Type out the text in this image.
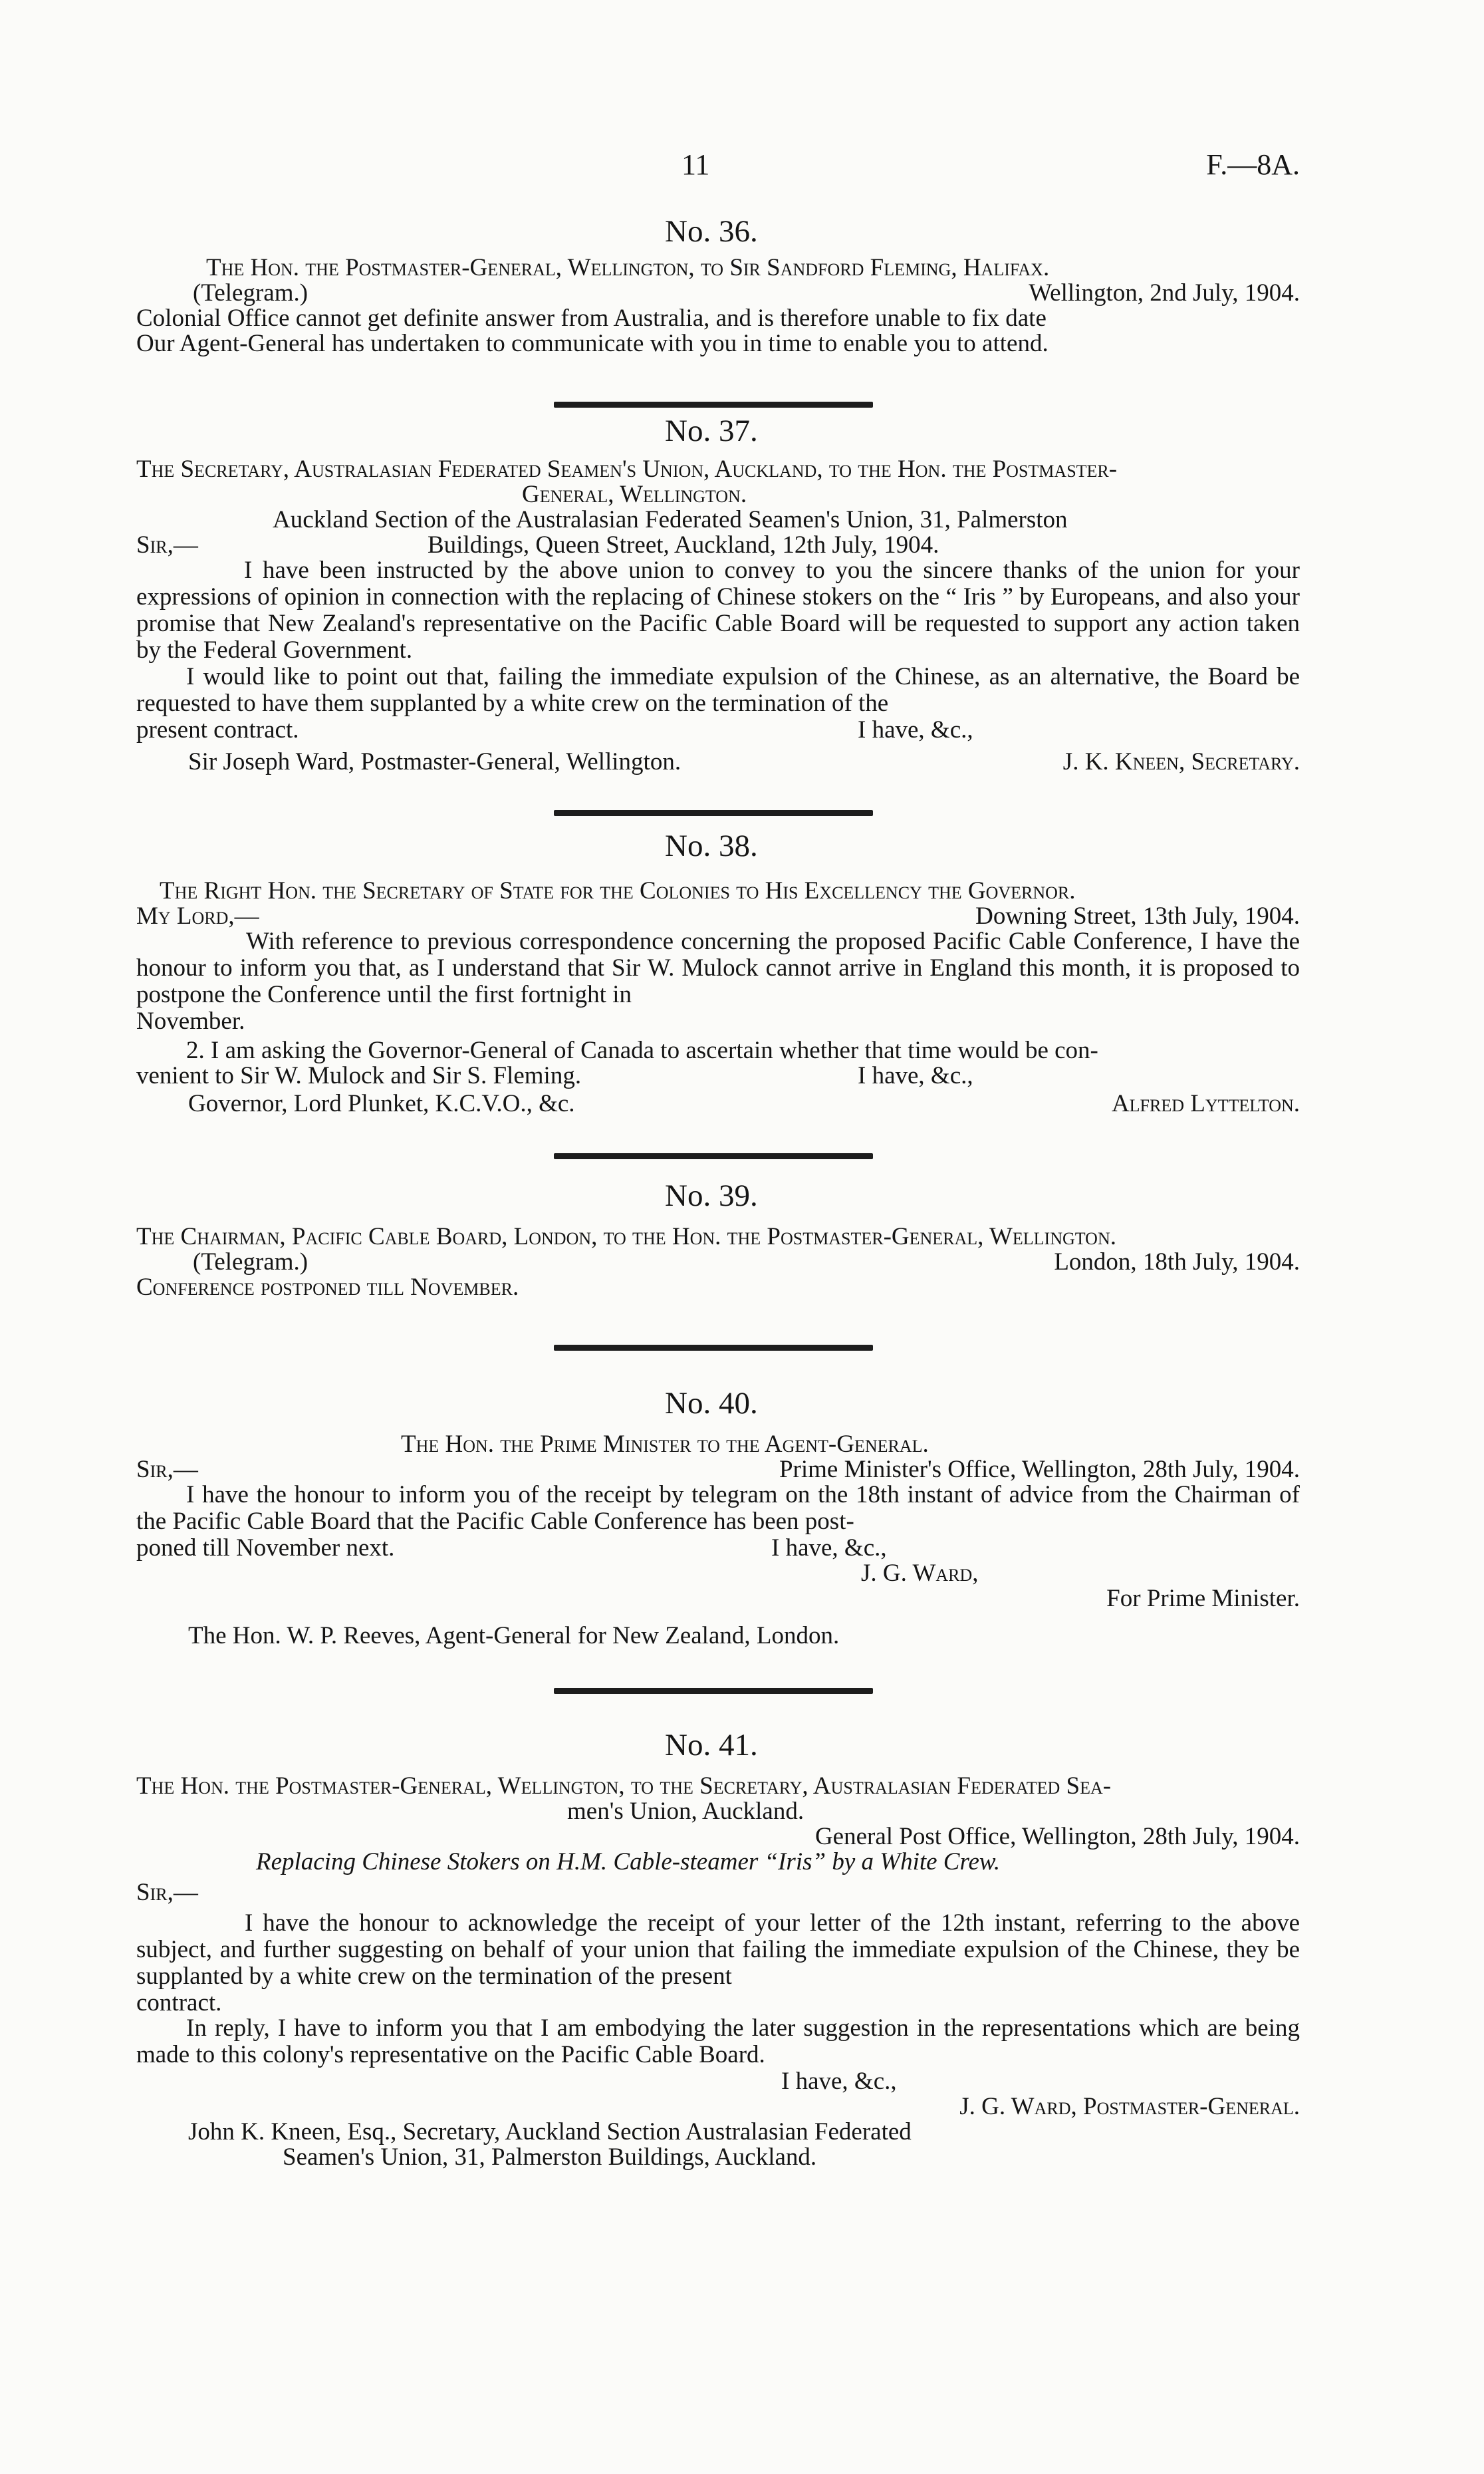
11	F.—8A.
No. 36.
The Hon. the Postmaster-General, Wellington, to Sir Sandford Fleming, Halifax.
(Telegram.)	Wellington, 2nd July, 1904.
Colonial Office cannot get definite answer from Australia, and is therefore unable to fix date
Our Agent-General has undertaken to communicate with you in time to enable you to attend.
No. 37.
The Secretary, Australasian Federated Seamen's Union, Auckland, to the Hon. the Postmaster-
General, Wellington.
Auckland Section of the Australasian Federated Seamen's Union, 31, Palmerston
Sir,—	Buildings, Queen Street, Auckland, 12th July, 1904.
I have been instructed by the above union to convey to you the sincere thanks of the union for your expressions of opinion in connection with the replacing of Chinese stokers on the “ Iris ” by Europeans, and also your promise that New Zealand's representative on the Pacific Cable Board will be requested to support any action taken by the Federal Government.
I would like to point out that, failing the immediate expulsion of the Chinese, as an alternative, the Board be requested to have them supplanted by a white crew on the termination of the
present contract.	I have, &c.,
Sir Joseph Ward, Postmaster-General, Wellington.	J. K. Kneen, Secretary.
No. 38.
The Right Hon. the Secretary of State for the Colonies to His Excellency the Governor.
My Lord,—	Downing Street, 13th July, 1904.
With reference to previous correspondence concerning the proposed Pacific Cable Conference, I have the honour to inform you that, as I understand that Sir W. Mulock cannot arrive in England this month, it is proposed to postpone the Conference until the first fortnight in
November.
2. I am asking the Governor-General of Canada to ascertain whether that time would be con-
venient to Sir W. Mulock and Sir S. Fleming.	I have, &c.,
Governor, Lord Plunket, K.C.V.O., &c.	Alfred Lyttelton.
No. 39.
The Chairman, Pacific Cable Board, London, to the Hon. the Postmaster-General, Wellington.
(Telegram.)	London, 18th July, 1904.
Conference postponed till November.
No. 40.
The Hon. the Prime Minister to the Agent-General.
Sir,—	Prime Minister's Office, Wellington, 28th July, 1904.
I have the honour to inform you of the receipt by telegram on the 18th instant of advice from the Chairman of the Pacific Cable Board that the Pacific Cable Conference has been post-
poned till November next.	I have, &c.,
J. G. Ward,
For Prime Minister.
The Hon. W. P. Reeves, Agent-General for New Zealand, London.
No. 41.
The Hon. the Postmaster-General, Wellington, to the Secretary, Australasian Federated Sea-
men's Union, Auckland.
General Post Office, Wellington, 28th July, 1904.
Replacing Chinese Stokers on H.M. Cable-steamer “Iris” by a White Crew.
Sir,—
I have the honour to acknowledge the receipt of your letter of the 12th instant, referring to the above subject, and further suggesting on behalf of your union that failing the immediate expulsion of the Chinese, they be supplanted by a white crew on the termination of the present
contract.
In reply, I have to inform you that I am embodying the later suggestion in the representations which are being made to this colony's representative on the Pacific Cable Board.
I have, &c.,
J. G. Ward, Postmaster-General.
John K. Kneen, Esq., Secretary, Auckland Section Australasian Federated
Seamen's Union, 31, Palmerston Buildings, Auckland.
